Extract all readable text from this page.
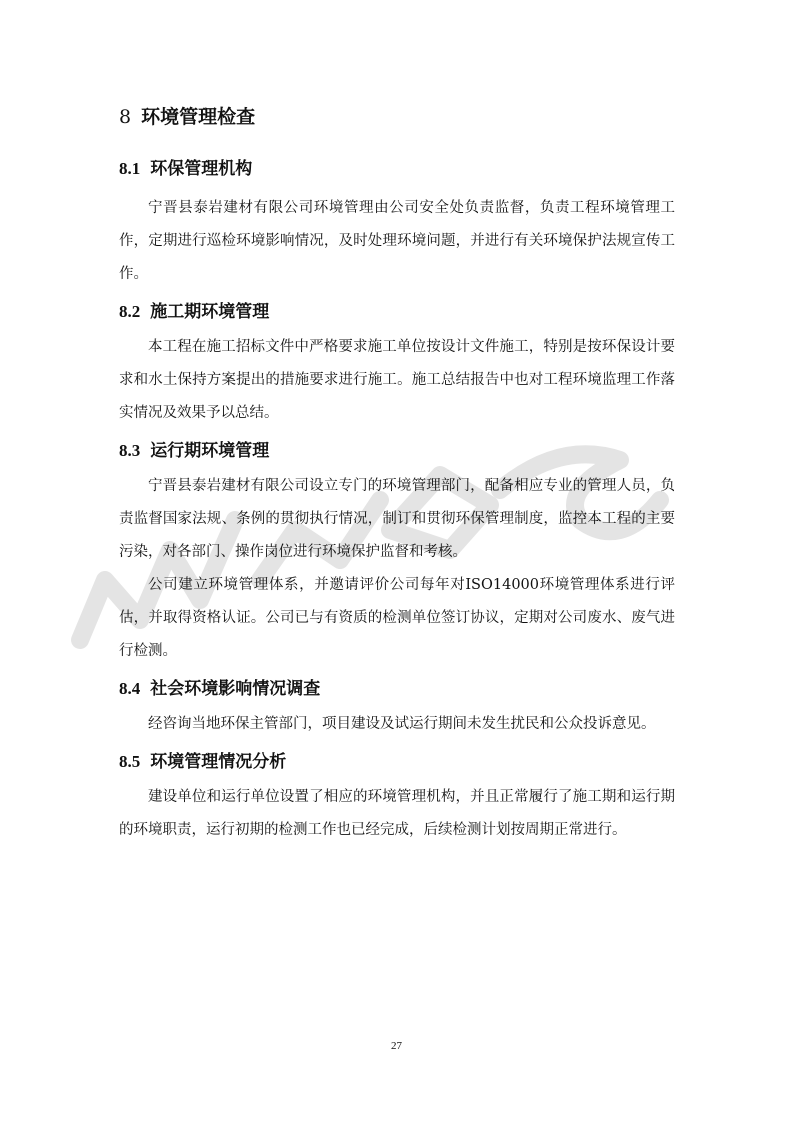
8 环境管理检查
8.1 环保管理机构

宁晋县泰岩建材有限公司环境管理由公司安全处负责监督，负责工程环境管理工作，定期进行巡检环境影响情况，及时处理环境问题，并进行有关环境保护法规宣传工作。

8.2 施工期环境管理

本工程在施工招标文件中严格要求施工单位按设计文件施工，特别是按环保设计要求和水土保持方案提出的措施要求进行施工。施工总结报告中也对工程环境监理工作落实情况及效果予以总结。

8.3 运行期环境管理

宁晋县泰岩建材有限公司设立专门的环境管理部门，配备相应专业的管理人员，负责监督国家法规、条例的贯彻执行情况，制订和贯彻环保管理制度，监控本工程的主要污染，对各部门、操作岗位进行环境保护监督和考核。

公司建立环境管理体系，并邀请评价公司每年对ISO14000环境管理体系进行评估，并取得资格认证。公司已与有资质的检测单位签订协议，定期对公司废水、废气进行检测。

8.4 社会环境影响情况调查

经咨询当地环保主管部门，项目建设及试运行期间未发生扰民和公众投诉意见。

8.5 环境管理情况分析

建设单位和运行单位设置了相应的环境管理机构，并且正常履行了施工期和运行期的环境职责，运行初期的检测工作也已经完成，后续检测计划按周期正常进行。

27
